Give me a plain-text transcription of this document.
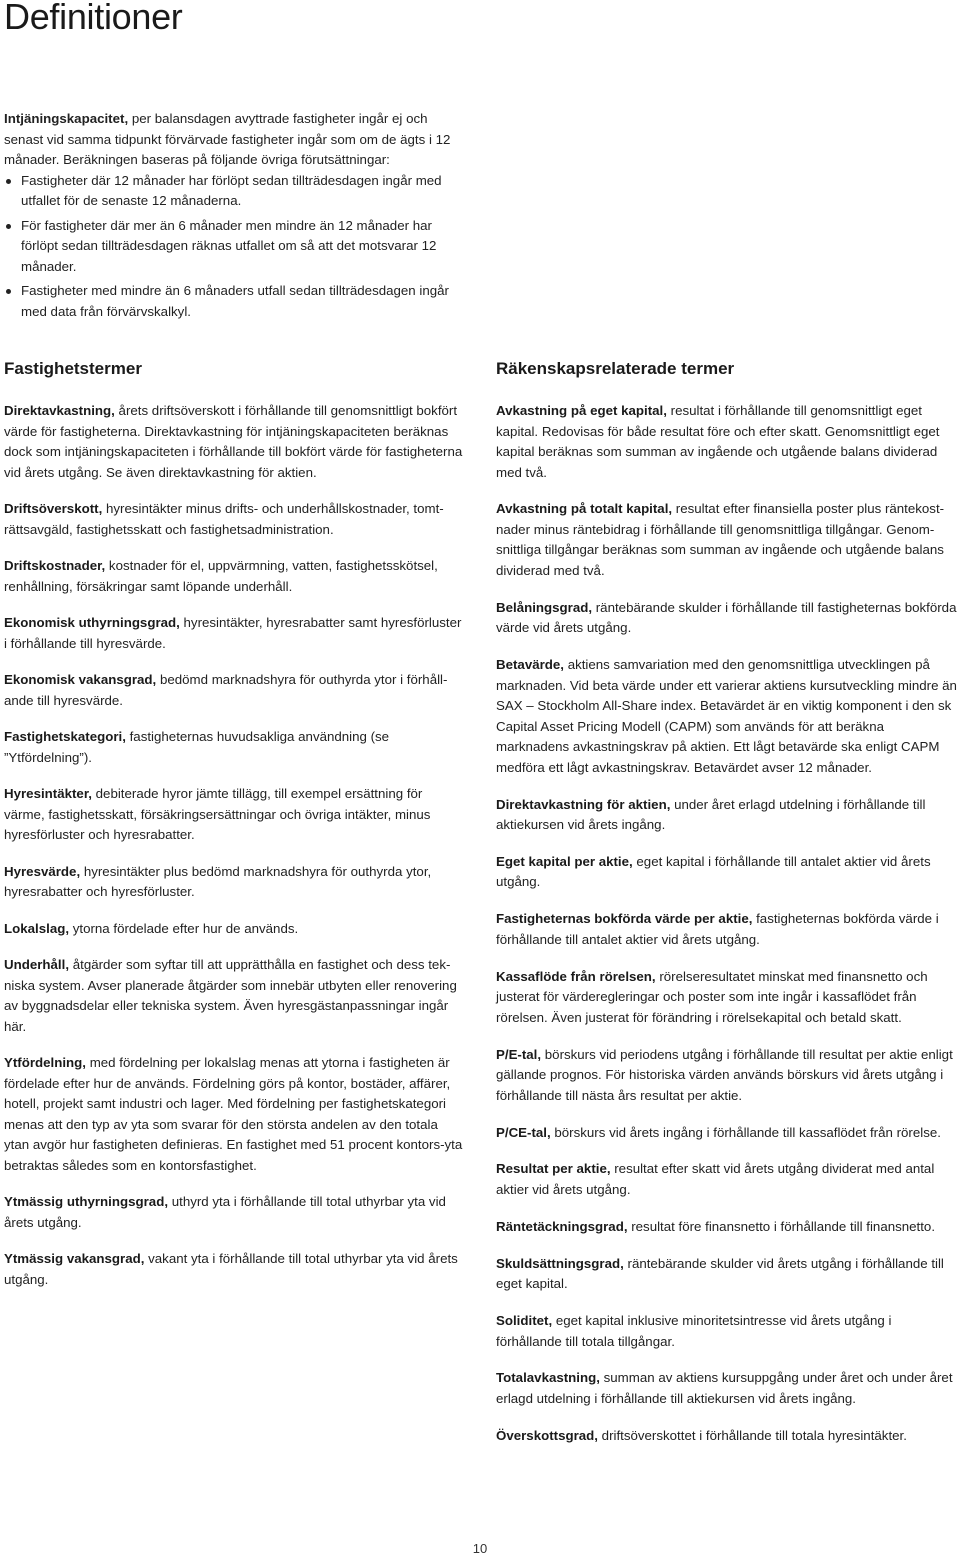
Definitioner

Intjäningskapacitet, per balansdagen avyttrade fastigheter ingår ej och senast vid samma tidpunkt förvärvade fastigheter ingår som om de ägts i 12 månader. Beräkningen baseras på följande övriga förutsättningar:

Fastigheter där 12 månader har förlöpt sedan tillträdesdagen ingår med utfallet för de senaste 12 månaderna.
För fastigheter där mer än 6 månader men mindre än 12 månader har förlöpt sedan tillträdesdagen räknas utfallet om så att det motsvarar 12 månader.
Fastigheter med mindre än 6 månaders utfall sedan tillträdesdagen ingår med data från förvärvskalkyl.
Fastighetstermer

Direktavkastning, årets driftsöverskott i förhållande till genomsnittligt bokfört värde för fastigheterna. Direktavkastning för intjäningskapaciteten beräknas dock som intjäningskapaciteten i förhållande till bokfört värde för fastigheterna vid årets utgång. Se även direktavkastning för aktien.

Driftsöverskott, hyresintäkter minus drifts- och underhållskostnader, tomt-rättsavgäld, fastighetsskatt och fastighetsadministration.

Driftskostnader, kostnader för el, uppvärmning, vatten, fastighetsskötsel, renhållning, försäkringar samt löpande underhåll.

Ekonomisk uthyrningsgrad, hyresintäkter, hyresrabatter samt hyresförluster i förhållande till hyresvärde.

Ekonomisk vakansgrad, bedömd marknadshyra för outhyrda ytor i förhåll-ande till hyresvärde.

Fastighetskategori, fastigheternas huvudsakliga användning (se ”Ytfördelning”).

Hyresintäkter, debiterade hyror jämte tillägg, till exempel ersättning för värme, fastighetsskatt, försäkringsersättningar och övriga intäkter, minus hyresförluster och hyresrabatter.

Hyresvärde, hyresintäkter plus bedömd marknadshyra för outhyrda ytor, hyresrabatter och hyresförluster.

Lokalslag, ytorna fördelade efter hur de används.

Underhåll, åtgärder som syftar till att upprätthålla en fastighet och dess tek-niska system. Avser planerade åtgärder som innebär utbyten eller renovering av byggnadsdelar eller tekniska system. Även hyresgästanpassningar ingår här.

Ytfördelning, med fördelning per lokalslag menas att ytorna i fastigheten är fördelade efter hur de används. Fördelning görs på kontor, bostäder, affärer, hotell, projekt samt industri och lager. Med fördelning per fastighetskategori menas att den typ av yta som svarar för den största andelen av den totala ytan avgör hur fastigheten definieras. En fastighet med 51 procent kontors-yta betraktas således som en kontorsfastighet.

Ytmässig uthyrningsgrad, uthyrd yta i förhållande till total uthyrbar yta vid årets utgång.

Ytmässig vakansgrad, vakant yta i förhållande till total uthyrbar yta vid årets utgång.

Räkenskapsrelaterade termer

Avkastning på eget kapital, resultat i förhållande till genomsnittligt eget kapital. Redovisas för både resultat före och efter skatt. Genomsnittligt eget kapital beräknas som summan av ingående och utgående balans dividerad med två.

Avkastning på totalt kapital, resultat efter finansiella poster plus räntekost-nader minus räntebidrag i förhållande till genomsnittliga tillgångar. Genom-snittliga tillgångar beräknas som summan av ingående och utgående balans dividerad med två.

Belåningsgrad, räntebärande skulder i förhållande till fastigheternas bokförda värde vid årets utgång.

Betavärde, aktiens samvariation med den genomsnittliga utvecklingen på marknaden. Vid beta värde under ett varierar aktiens kursutveckling mindre än SAX – Stockholm All-Share index. Betavärdet är en viktig komponent i den sk Capital Asset Pricing Modell (CAPM) som används för att beräkna marknadens avkastningskrav på aktien. Ett lågt betavärde ska enligt CAPM medföra ett lågt avkastningskrav. Betavärdet avser 12 månader.

Direktavkastning för aktien, under året erlagd utdelning i förhållande till aktiekursen vid årets ingång.

Eget kapital per aktie, eget kapital i förhållande till antalet aktier vid årets utgång.

Fastigheternas bokförda värde per aktie, fastigheternas bokförda värde i förhållande till antalet aktier vid årets utgång.

Kassaflöde från rörelsen, rörelseresultatet minskat med finansnetto och justerat för värderegleringar och poster som inte ingår i kassaflödet från rörelsen. Även justerat för förändring i rörelsekapital och betald skatt.

P/E-tal, börskurs vid periodens utgång i förhållande till resultat per aktie enligt gällande prognos. För historiska värden används börskurs vid årets utgång i förhållande till nästa års resultat per aktie.

P/CE-tal, börskurs vid årets ingång i förhållande till kassaflödet från rörelse.

Resultat per aktie, resultat efter skatt vid årets utgång dividerat med antal aktier vid årets utgång.

Räntetäckningsgrad, resultat före finansnetto i förhållande till finansnetto.

Skuldsättningsgrad, räntebärande skulder vid årets utgång i förhållande till eget kapital.

Soliditet, eget kapital inklusive minoritetsintresse vid årets utgång i förhållande till totala tillgångar.

Totalavkastning, summan av aktiens kursuppgång under året och under året erlagd utdelning i förhållande till aktiekursen vid årets ingång.

Överskottsgrad, driftsöverskottet i förhållande till totala hyresintäkter.

10
